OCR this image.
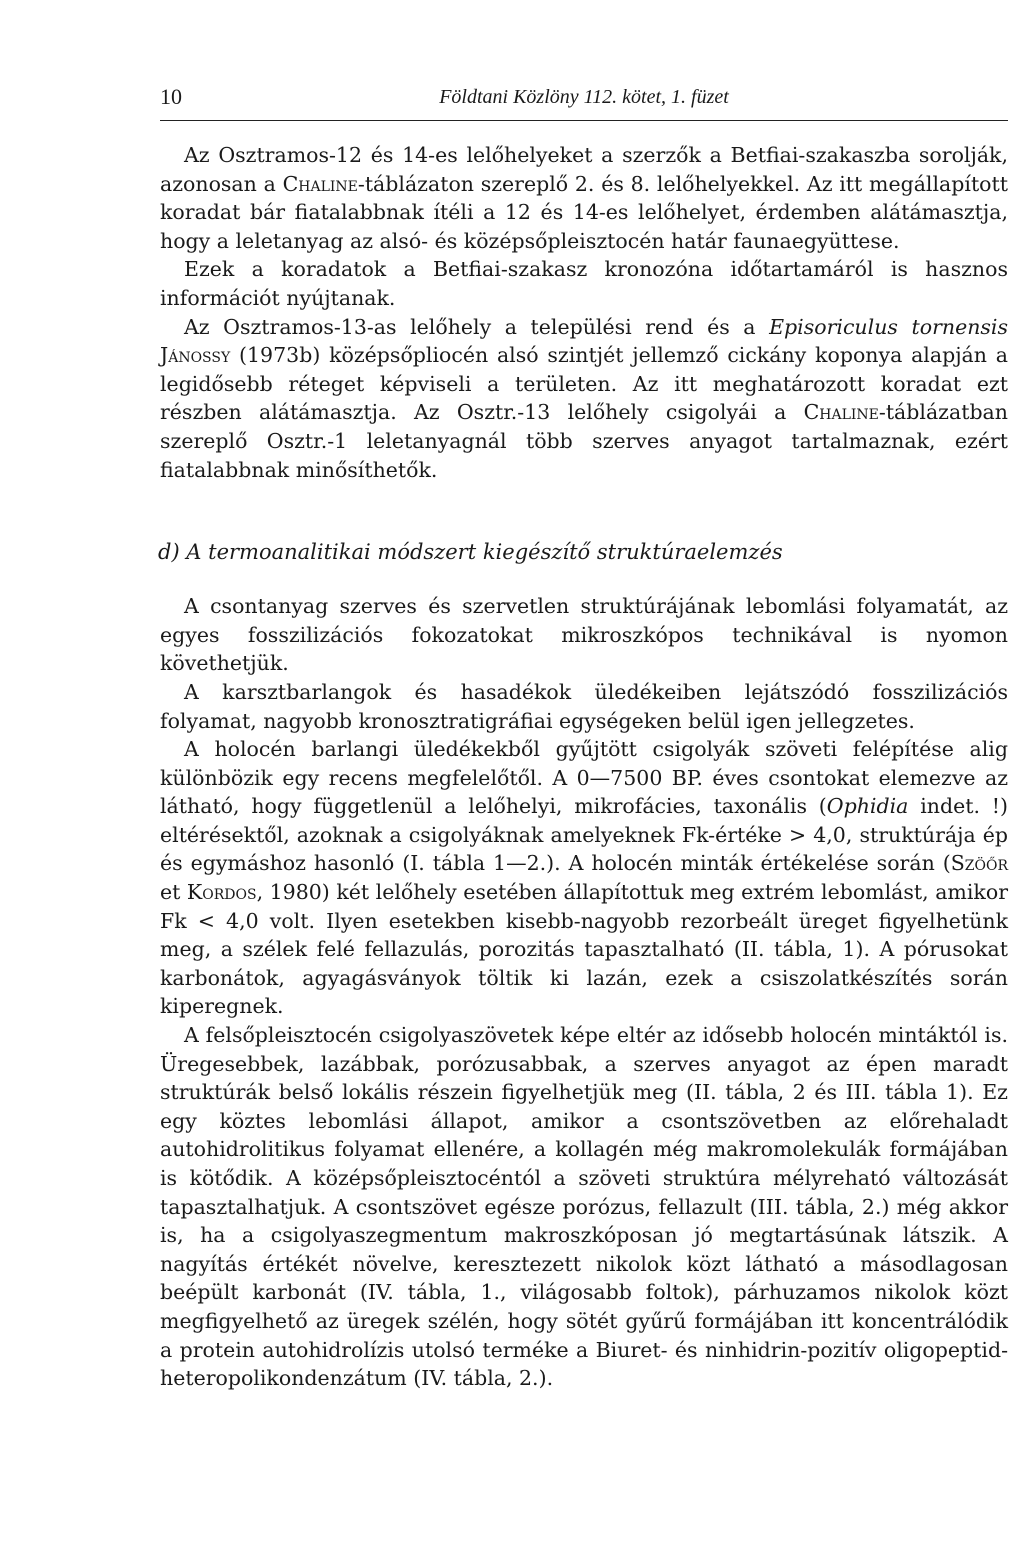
10	Földtani Közlöny 112. kötet, 1. füzet

Az Osztramos-12 és 14-es lelőhelyeket a szerzők a Betfiai-szakaszba sorolják, azonosan a Chaline-táblázaton szereplő 2. és 8. lelőhelyekkel. Az itt megállapított koradat bár fiatalabbnak ítéli a 12 és 14-es lelőhelyet, érdemben alátámasztja, hogy a leletanyag az alsó- és középsőpleisztocén határ faunaegyüttese.

Ezek a koradatok a Betfiai-szakasz kronozóna időtartamáról is hasznos információt nyújtanak.

Az Osztramos-13-as lelőhely a települési rend és a Episoriculus tornensis Jánossy (1973b) középsőpliocén alsó szintjét jellemző cickány koponya alapján a legidősebb réteget képviseli a területen. Az itt meghatározott koradat ezt részben alátámasztja. Az Osztr.-13 lelőhely csigolyái a Chaline-táblázatban szereplő Osztr.-1 leletanyagnál több szerves anyagot tartalmaznak, ezért fiatalabbnak minősíthetők.

d) A termoanalitikai módszert kiegészítő struktúraelemzés

A csontanyag szerves és szervetlen struktúrájának lebomlási folyamatát, az egyes fosszilizációs fokozatokat mikroszkópos technikával is nyomon követhetjük.

A karsztbarlangok és hasadékok üledékeiben lejátszódó fosszilizációs folyamat, nagyobb kronosztratigráfiai egységeken belül igen jellegzetes.

A holocén barlangi üledékekből gyűjtött csigolyák szöveti felépítése alig különbözik egy recens megfelelőtől. A 0—7500 BP. éves csontokat elemezve az látható, hogy függetlenül a lelőhelyi, mikrofácies, taxonális (Ophidia indet. !) eltérésektől, azoknak a csigolyáknak amelyeknek Fk-értéke > 4,0, struktúrája ép és egymáshoz hasonló (I. tábla 1—2.). A holocén minták értékelése során (Szöőr et Kordos, 1980) két lelőhely esetében állapítottuk meg extrém lebomlást, amikor Fk < 4,0 volt. Ilyen esetekben kisebb-nagyobb rezorbeált üreget figyelhetünk meg, a szélek felé fellazulás, porozitás tapasztalható (II. tábla, 1). A pórusokat karbonátok, agyagásványok töltik ki lazán, ezek a csiszolatkészítés során kiperegnek.

A felsőpleisztocén csigolyaszövetek képe eltér az idősebb holocén mintáktól is. Üregesebbek, lazábbak, porózusabbak, a szerves anyagot az épen maradt struktúrák belső lokális részein figyelhetjük meg (II. tábla, 2 és III. tábla 1). Ez egy köztes lebomlási állapot, amikor a csontszövetben az előrehaladt autohidrolitikus folyamat ellenére, a kollagén még makromolekulák formájában is kötődik. A középsőpleisztocéntól a szöveti struktúra mélyreható változását tapasztalhatjuk. A csontszövet egésze porózus, fellazult (III. tábla, 2.) még akkor is, ha a csigolyaszegmentum makroszkóposan jó megtartásúnak látszik. A nagyítás értékét növelve, keresztezett nikolok közt látható a másodlagosan beépült karbonát (IV. tábla, 1., világosabb foltok), párhuzamos nikolok közt megfigyelhető az üregek szélén, hogy sötét gyűrű formájában itt koncentrálódik a protein autohidrolízis utolsó terméke a Biuret- és ninhidrin-pozitív oligopeptid-heteropolikondenzátum (IV. tábla, 2.).
